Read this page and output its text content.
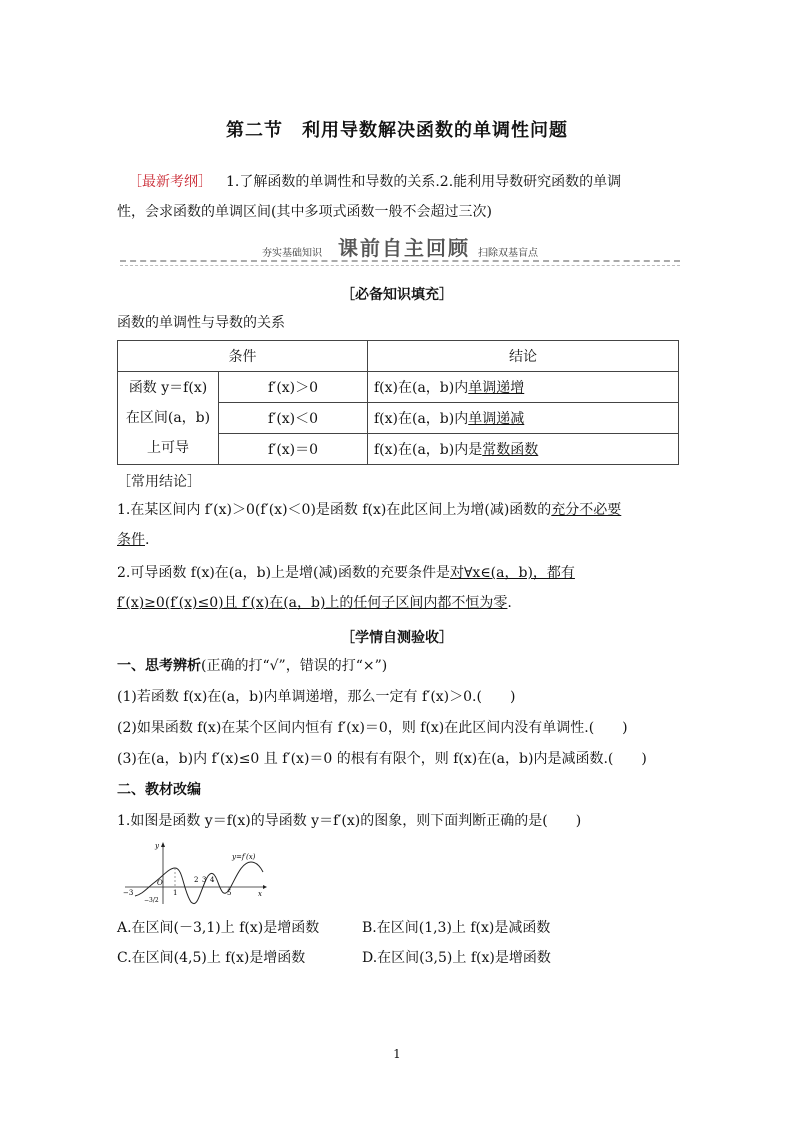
第二节　利用导数解决函数的单调性问题
［最新考纲］ 1.了解函数的单调性和导数的关系.2.能利用导数研究函数的单调
性，会求函数的单调区间(其中多项式函数一般不会超过三次)
夯实基础知识 课前自主回顾 扫除双基盲点
［必备知识填充］
函数的单调性与导数的关系
条件		结论

函数 y＝f(x)
在区间(a，b)
上可导	f′(x)＞0	f(x)在(a，b)内单调递增
	f′(x)＜0	f(x)在(a，b)内单调递减
	f′(x)＝0	f(x)在(a，b)内是常数函数
［常用结论］
1.在某区间内 f′(x)＞0(f′(x)＜0)是函数 f(x)在此区间上为增(减)函数的充分不必要
条件.
2.可导函数 f(x)在(a，b)上是增(减)函数的充要条件是对∀x∈(a，b)，都有
f′(x)≥0(f′(x)≤0)且 f′(x)在(a，b)上的任何子区间内都不恒为零.
［学情自测验收］
一、思考辨析(正确的打“√”，错误的打“×”)
(1)若函数 f(x)在(a，b)内单调递增，那么一定有 f′(x)＞0.(　　)
(2)如果函数 f(x)在某个区间内恒有 f′(x)＝0，则 f(x)在此区间内没有单调性.(　　)
(3)在(a，b)内 f′(x)≤0 且 f′(x)＝0 的根有有限个，则 f(x)在(a，b)内是减函数.(　　)
二、教材改编
1.如图是函数 y＝f(x)的导函数 y＝f′(x)的图象，则下面判断正确的是(　　)
y=f′(x)
y
x
O
−3
−3/2
1
2 3 4
5
A.在区间(－3,1)上 f(x)是增函数	B.在区间(1,3)上 f(x)是减函数
C.在区间(4,5)上 f(x)是增函数	D.在区间(3,5)上 f(x)是增函数
1
